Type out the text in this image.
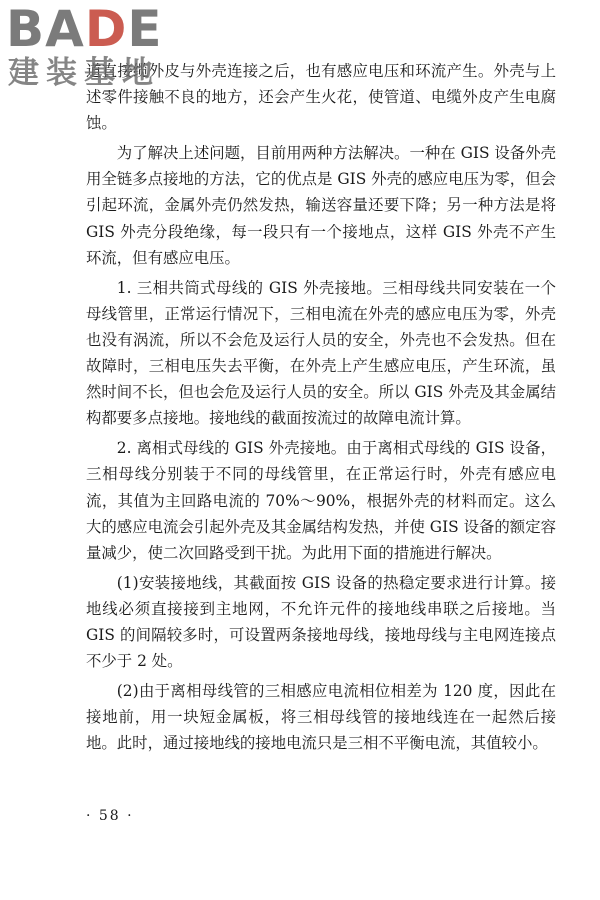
BADE
建装基地

道直接缆外皮与外壳连接之后，也有感应电压和环流产生。外壳与上述零件接触不良的地方，还会产生火花，使管道、电缆外皮产生电腐蚀。

为了解决上述问题，目前用两种方法解决。一种在 GIS 设备外壳用全链多点接地的方法，它的优点是 GIS 外壳的感应电压为零，但会引起环流，金属外壳仍然发热，输送容量还要下降；另一种方法是将 GIS 外壳分段绝缘，每一段只有一个接地点，这样 GIS 外壳不产生环流，但有感应电压。

1. 三相共筒式母线的 GIS 外壳接地。三相母线共同安装在一个母线管里，正常运行情况下，三相电流在外壳的感应电压为零，外壳也没有涡流，所以不会危及运行人员的安全，外壳也不会发热。但在故障时，三相电压失去平衡，在外壳上产生感应电压，产生环流，虽然时间不长，但也会危及运行人员的安全。所以 GIS 外壳及其金属结构都要多点接地。接地线的截面按流过的故障电流计算。

2. 离相式母线的 GIS 外壳接地。由于离相式母线的 GIS 设备，三相母线分别装于不同的母线管里，在正常运行时，外壳有感应电流，其值为主回路电流的 70%～90%，根据外壳的材料而定。这么大的感应电流会引起外壳及其金属结构发热，并使 GIS 设备的额定容量减少，使二次回路受到干扰。为此用下面的措施进行解决。

(1)安装接地线，其截面按 GIS 设备的热稳定要求进行计算。接地线必须直接接到主地网，不允许元件的接地线串联之后接地。当 GIS 的间隔较多时，可设置两条接地母线，接地母线与主电网连接点不少于 2 处。

(2)由于离相母线管的三相感应电流相位相差为 120 度，因此在接地前，用一块短金属板，将三相母线管的接地线连在一起然后接地。此时，通过接地线的接地电流只是三相不平衡电流，其值较小。

· 58 ·
